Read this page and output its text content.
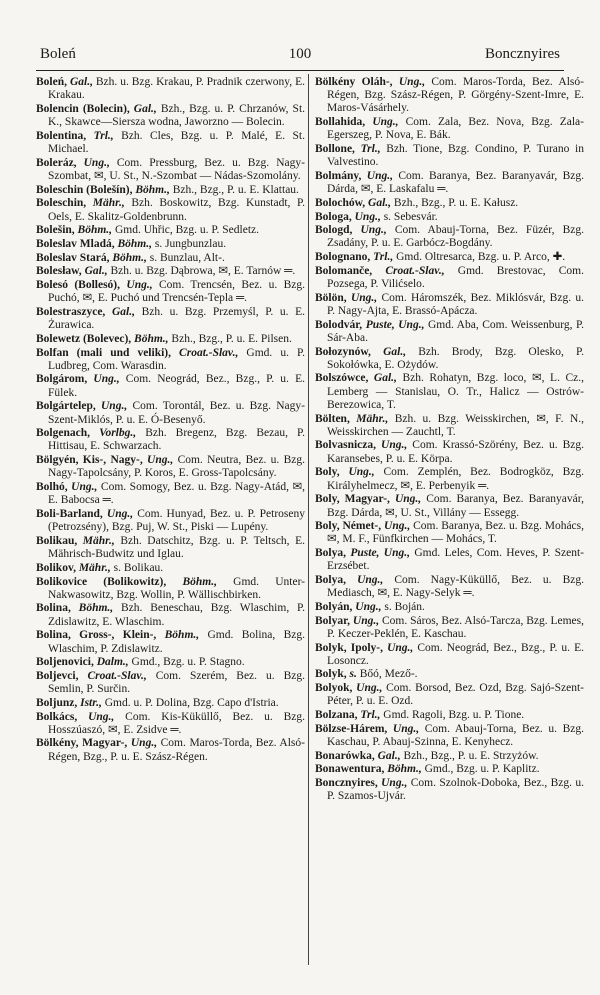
Boleń	100	Boncznyires

Boleń, Gal., Bzh. u. Bzg. Krakau, P. Pradnik czerwony, E. Krakau.

Bolencin (Bolecin), Gal., Bzh., Bzg. u. P. Chrzanów, St. K., Skawce—Siersza wodna, Jaworzno — Bolecin.

Bolentina, Trl., Bzh. Cles, Bzg. u. P. Malé, E. St. Michael.

Boleráz, Ung., Com. Pressburg, Bez. u. Bzg. Nagy-Szombat, ✉, U. St., N.-Szombat — Nádas-Szomolány.

Boleschin (Bolešín), Böhm., Bzh., Bzg., P. u. E. Klattau.

Boleschin, Mähr., Bzh. Boskowitz, Bzg. Kunstadt, P. Oels, E. Skalitz-Goldenbrunn.

Bolešin, Böhm., Gmd. Uhřic, Bzg. u. P. Sedletz.

Boleslav Mladá, Böhm., s. Jungbunzlau.

Boleslav Stará, Böhm., s. Bunzlau, Alt-.

Bolesław, Gal., Bzh. u. Bzg. Dąbrowa, ✉, E. Tarnów ═.

Bolesó (Bollesó), Ung., Com. Trencsén, Bez. u. Bzg. Puchó, ✉, E. Puchó und Trencsén-Tepla ═.

Bolestraszyce, Gal., Bzh. u. Bzg. Przemyśl, P. u. E. Żurawica.

Bolewetz (Bolevec), Böhm., Bzh., Bzg., P. u. E. Pilsen.

Bolfan (mali und veliki), Croat.-Slav., Gmd. u. P. Ludbreg, Com. Warasdin.

Bolgárom, Ung., Com. Neográd, Bez., Bzg., P. u. E. Fülek.

Bolgártelep, Ung., Com. Torontál, Bez. u. Bzg. Nagy-Szent-Miklós, P. u. E. Ó-Besenyő.

Bolgenach, Vorlbg., Bzh. Bregenz, Bzg. Bezau, P. Hittisau, E. Schwarzach.

Bölgyén, Kis-, Nagy-, Ung., Com. Neutra, Bez. u. Bzg. Nagy-Tapolcsány, P. Koros, E. Gross-Tapolcsány.

Bolhó, Ung., Com. Somogy, Bez. u. Bzg. Nagy-Atád, ✉, E. Babocsa ═.

Boli-Barland, Ung., Com. Hunyad, Bez. u. P. Petroseny (Petrozsény), Bzg. Puj, W. St., Piski — Lupény.

Bolikau, Mähr., Bzh. Datschitz, Bzg. u. P. Teltsch, E. Mährisch-Budwitz und Iglau.

Bolikov, Mähr., s. Bolikau.

Bolikovice (Bolikowitz), Böhm., Gmd. Unter-Nakwasowitz, Bzg. Wollin, P. Wällischbirken.

Bolina, Böhm., Bzh. Beneschau, Bzg. Wlaschim, P. Zdislawitz, E. Wlaschim.

Bolina, Gross-, Klein-, Böhm., Gmd. Bolina, Bzg. Wlaschim, P. Zdislawitz.

Boljenovici, Dalm., Gmd., Bzg. u. P. Stagno.

Boljevci, Croat.-Slav., Com. Szerém, Bez. u. Bzg. Semlin, P. Surčin.

Boljunz, Istr., Gmd. u. P. Dolina, Bzg. Capo d'Istria.

Bolkács, Ung., Com. Kis-Küküllő, Bez. u. Bzg. Hosszúaszó, ✉, E. Zsidve ═.

Bölkény, Magyar-, Ung., Com. Maros-Torda, Bez. Alsó-Régen, Bzg., P. u. E. Szász-Régen.

Bölkény Oláh-, Ung., Com. Maros-Torda, Bez. Alsó-Régen, Bzg. Szász-Régen, P. Görgény-Szent-Imre, E. Maros-Vásárhely.

Bollahida, Ung., Com. Zala, Bez. Nova, Bzg. Zala-Egerszeg, P. Nova, E. Bák.

Bollone, Trl., Bzh. Tione, Bzg. Condino, P. Turano in Valvestino.

Bolmány, Ung., Com. Baranya, Bez. Baranyavár, Bzg. Dárda, ✉, E. Laskafalu ═.

Bolochów, Gal., Bzh., Bzg., P. u. E. Kałusz.

Bologa, Ung., s. Sebesvár.

Bologd, Ung., Com. Abauj-Torna, Bez. Füzér, Bzg. Zsadány, P. u. E. Garbócz-Bogdány.

Bolognano, Trl., Gmd. Oltresarca, Bzg. u. P. Arco, ✚.

Bolomanče, Croat.-Slav., Gmd. Brestovac, Com. Pozsega, P. Vilićselo.

Bölön, Ung., Com. Háromszék, Bez. Miklósvár, Bzg. u. P. Nagy-Ajta, E. Brassó-Apácza.

Bolodvár, Puste, Ung., Gmd. Aba, Com. Weissenburg, P. Sár-Aba.

Bołozynów, Gal., Bzh. Brody, Bzg. Olesko, P. Sokołówka, E. Ożydów.

Bolszówce, Gal., Bzh. Rohatyn, Bzg. loco, ✉, L. Cz., Lemberg — Stanislau, O. Tr., Halicz — Ostrów-Berezowica, T.

Bölten, Mähr., Bzh. u. Bzg. Weisskirchen, ✉, F. N., Weisskirchen — Zauchtl, T.

Bolvasnicza, Ung., Com. Krassó-Szörény, Bez. u. Bzg. Karansebes, P. u. E. Körpa.

Boly, Ung., Com. Zemplén, Bez. Bodrogköz, Bzg. Királyhelmecz, ✉, E. Perbenyik ═.

Boly, Magyar-, Ung., Com. Baranya, Bez. Baranyavár, Bzg. Dárda, ✉, U. St., Villány — Essegg.

Boly, Német-, Ung., Com. Baranya, Bez. u. Bzg. Mohács, ✉, M. F., Fünfkirchen — Mohács, T.

Bolya, Puste, Ung., Gmd. Leles, Com. Heves, P. Szent-Erzsébet.

Bolya, Ung., Com. Nagy-Küküllő, Bez. u. Bzg. Mediasch, ✉, E. Nagy-Selyk ═.

Bolyán, Ung., s. Boján.

Bolyar, Ung., Com. Sáros, Bez. Alsó-Tarcza, Bzg. Lemes, P. Keczer-Peklén, E. Kaschau.

Bolyk, Ipoly-, Ung., Com. Neográd, Bez., Bzg., P. u. E. Losoncz.

Bolyk, s. Bőó, Mező-.

Bolyok, Ung., Com. Borsod, Bez. Ozd, Bzg. Sajó-Szent-Péter, P. u. E. Ozd.

Bolzana, Trl., Gmd. Ragoli, Bzg. u. P. Tione.

Bölzse-Hárem, Ung., Com. Abauj-Torna, Bez. u. Bzg. Kaschau, P. Abauj-Szinna, E. Kenyhecz.

Bonarówka, Gal., Bzh., Bzg., P. u. E. Strzyżów.

Bonawentura, Böhm., Gmd., Bzg. u. P. Kaplitz.

Boncznyires, Ung., Com. Szolnok-Doboka, Bez., Bzg. u. P. Szamos-Ujvár.
